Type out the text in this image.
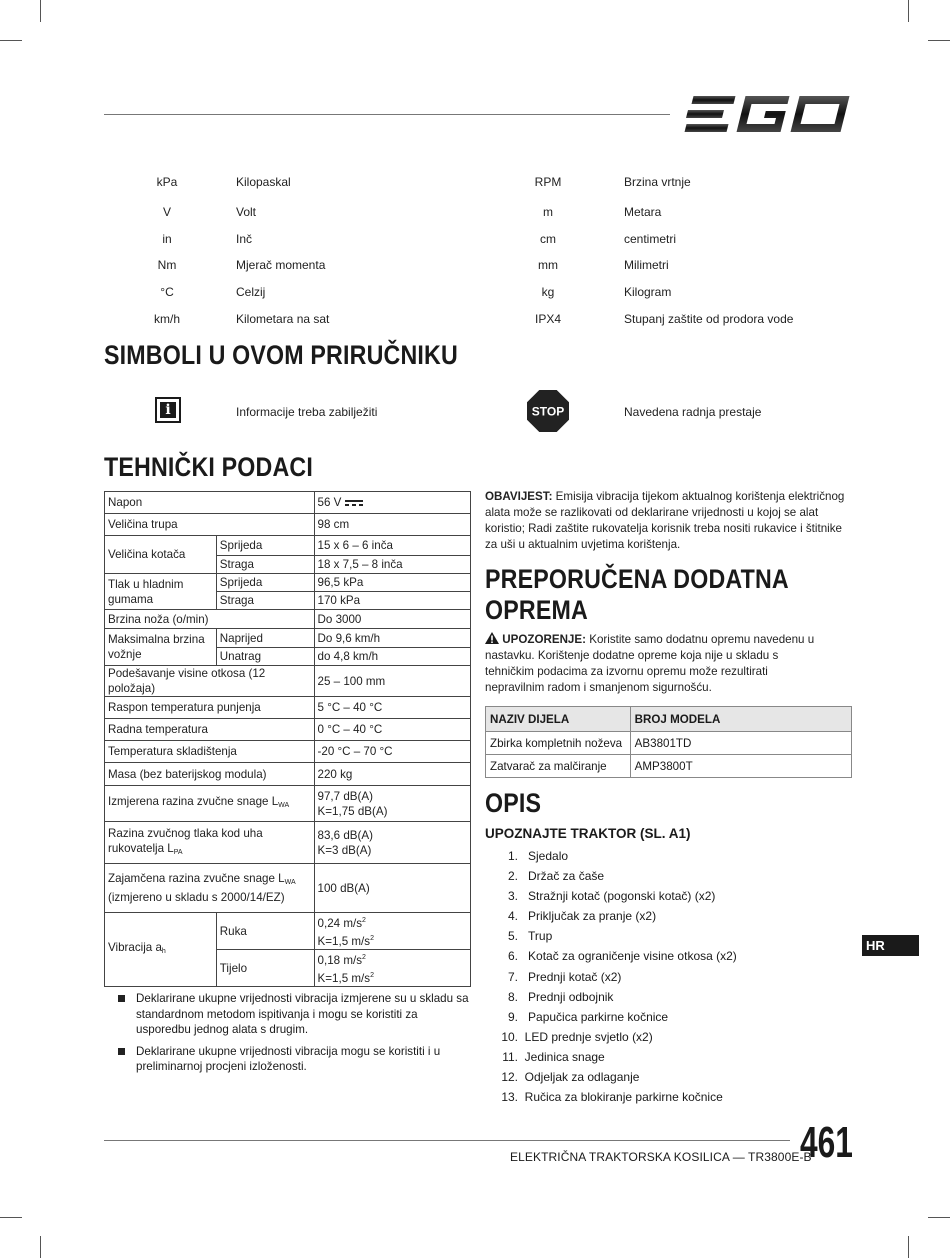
kPa	Kilopaskal
V	Volt
in	Inč
Nm	Mjerač momenta
°C	Celzij
km/h	Kilometara na sat
RPM	Brzina vrtnje
m	Metara
cm	centimetri
mm	Milimetri
kg	Kilogram
IPX4	Stupanj zaštite od prodora vode
SIMBOLI U OVOM PRIRUČNIKU
i	Informacije treba zabilježiti	STOP	Navedena radnja prestaje
TEHNIČKI PODACI
Napon		56 V
Veličina trupa		98 cm
Veličina kotača	Sprijeda	15 x 6 – 6 inča
	Straga	18 x 7,5 – 8 inča
Tlak u hladnim gumama	Sprijeda	96,5 kPa
	Straga	170 kPa
Brzina noža (o/min)		Do 3000
Maksimalna brzina vožnje	Naprijed	Do 9,6 km/h
	Unatrag	do 4,8 km/h
Podešavanje visine otkosa (12 položaja)		25 – 100 mm
Raspon temperatura punjenja		5 °C – 40 °C
Radna temperatura		0 °C – 40 °C
Temperatura skladištenja		-20 °C – 70 °C
Masa (bez baterijskog modula)		220 kg
Izmjerena razina zvučne snage $L_{WA}$		97,7 dB(A)
K=1,75 dB(A)
Razina zvučnog tlaka kod uha
rukovatelja $L_{PA}$		83,6 dB(A)
K=3 dB(A)
Zajamčena razina zvučne snage $L_{WA}$
(izmjereno u skladu s 2000/14/EZ)		100 dB(A)
Vibracija $a_h$	Ruka	0,24 $m/s^2$
K=1,5 $m/s^2$
	Tijelo	0,18 $m/s^2$
K=1,5 $m/s^2$
Deklarirane ukupne vrijednosti vibracija izmjerene su u skladu sa standardnom metodom ispitivanja i mogu se koristiti za usporedbu jednog alata s drugim.
Deklarirane ukupne vrijednosti vibracija mogu se koristiti i u preliminarnoj procjeni izloženosti.
OBAVIJEST: Emisija vibracija tijekom aktualnog korištenja električnog alata može se razlikovati od deklarirane vrijednosti u kojoj se alat koristio; Radi zaštite rukovatelja korisnik treba nositi rukavice i štitnike za uši u aktualnim uvjetima korištenja.
PREPORUČENA DODATNA
OPREMA
UPOZORENJE: Koristite samo dodatnu opremu navedenu u nastavku. Korištenje dodatne opreme koja nije u skladu s tehničkim podacima za izvornu opremu može rezultirati nepravilnim radom i smanjenom sigurnošću.
NAZIV DIJELA	BROJ MODELA
Zbirka kompletnih noževa	AB3801TD
Zatvarač za malčiranje	AMP3800T
OPIS
UPOZNAJTE TRAKTOR (SL. A1)
1. Sjedalo
2. Držač za čaše
3. Stražnji kotač (pogonski kotač) (x2)
4. Priključak za pranje (x2)
5. Trup
6. Kotač za ograničenje visine otkosa (x2)
7. Prednji kotač (x2)
8. Prednji odbojnik
9. Papučica parkirne kočnice
10. LED prednje svjetlo (x2)
11. Jedinica snage
12. Odjeljak za odlaganje
13. Ručica za blokiranje parkirne kočnice
HR
ELEKTRIČNA TRAKTORSKA KOSILICA — TR3800E-B
461
